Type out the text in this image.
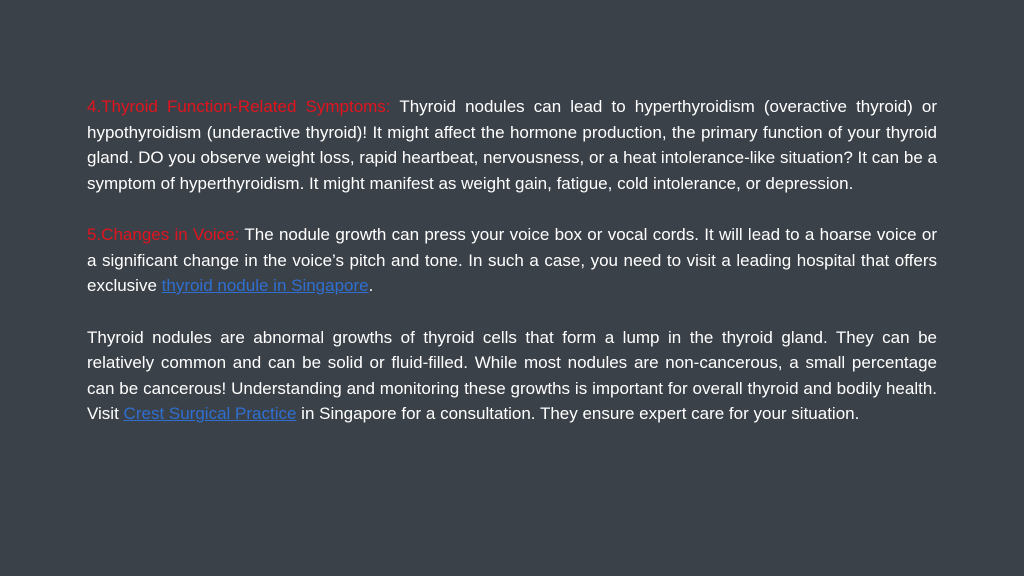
4.Thyroid Function-Related Symptoms: Thyroid nodules can lead to hyperthyroidism (overactive thyroid) or hypothyroidism (underactive thyroid)! It might affect the hormone production, the primary function of your thyroid gland. DO you observe weight loss, rapid heartbeat, nervousness, or a heat intolerance-like situation? It can be a symptom of hyperthyroidism. It might manifest as weight gain, fatigue, cold intolerance, or depression.

5.Changes in Voice: The nodule growth can press your voice box or vocal cords. It will lead to a hoarse voice or a significant change in the voice’s pitch and tone. In such a case, you need to visit a leading hospital that offers exclusive thyroid nodule in Singapore.

Thyroid nodules are abnormal growths of thyroid cells that form a lump in the thyroid gland. They can be relatively common and can be solid or fluid-filled. While most nodules are non-cancerous, a small percentage can be cancerous! Understanding and monitoring these growths is important for overall thyroid and bodily health. Visit Crest Surgical Practice in Singapore for a consultation. They ensure expert care for your situation.
